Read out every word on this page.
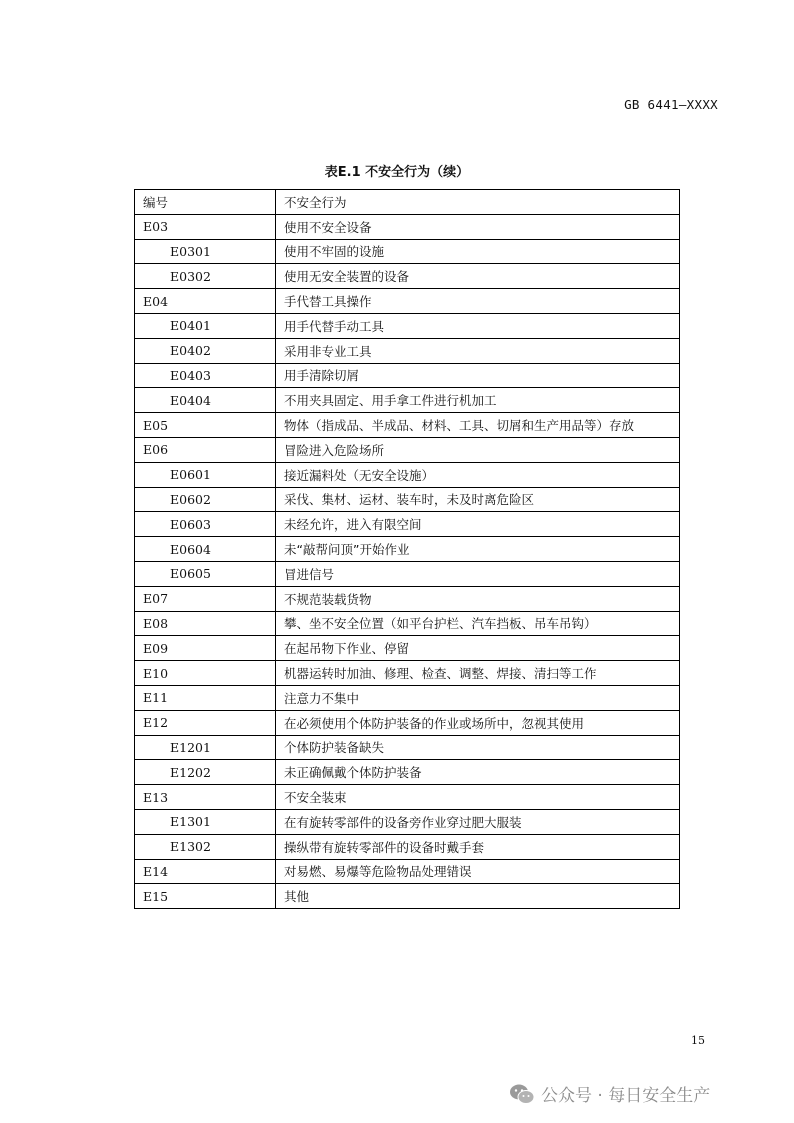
GB 6441—XXXX
表E.1 不安全行为（续）
编号	不安全行为
E03	使用不安全设备
E0301	使用不牢固的设施
E0302	使用无安全装置的设备
E04	手代替工具操作
E0401	用手代替手动工具
E0402	采用非专业工具
E0403	用手清除切屑
E0404	不用夹具固定、用手拿工件进行机加工
E05	物体（指成品、半成品、材料、工具、切屑和生产用品等）存放
E06	冒险进入危险场所
E0601	接近漏料处（无安全设施）
E0602	采伐、集材、运材、装车时，未及时离危险区
E0603	未经允许，进入有限空间
E0604	未“敲帮问顶”开始作业
E0605	冒进信号
E07	不规范装载货物
E08	攀、坐不安全位置（如平台护栏、汽车挡板、吊车吊钩）
E09	在起吊物下作业、停留
E10	机器运转时加油、修理、检查、调整、焊接、清扫等工作
E11	注意力不集中
E12	在必须使用个体防护装备的作业或场所中，忽视其使用
E1201	个体防护装备缺失
E1202	未正确佩戴个体防护装备
E13	不安全装束
E1301	在有旋转零部件的设备旁作业穿过肥大服装
E1302	操纵带有旋转零部件的设备时戴手套
E14	对易燃、易爆等危险物品处理错误
E15	其他
15
公众号 · 每日安全生产
